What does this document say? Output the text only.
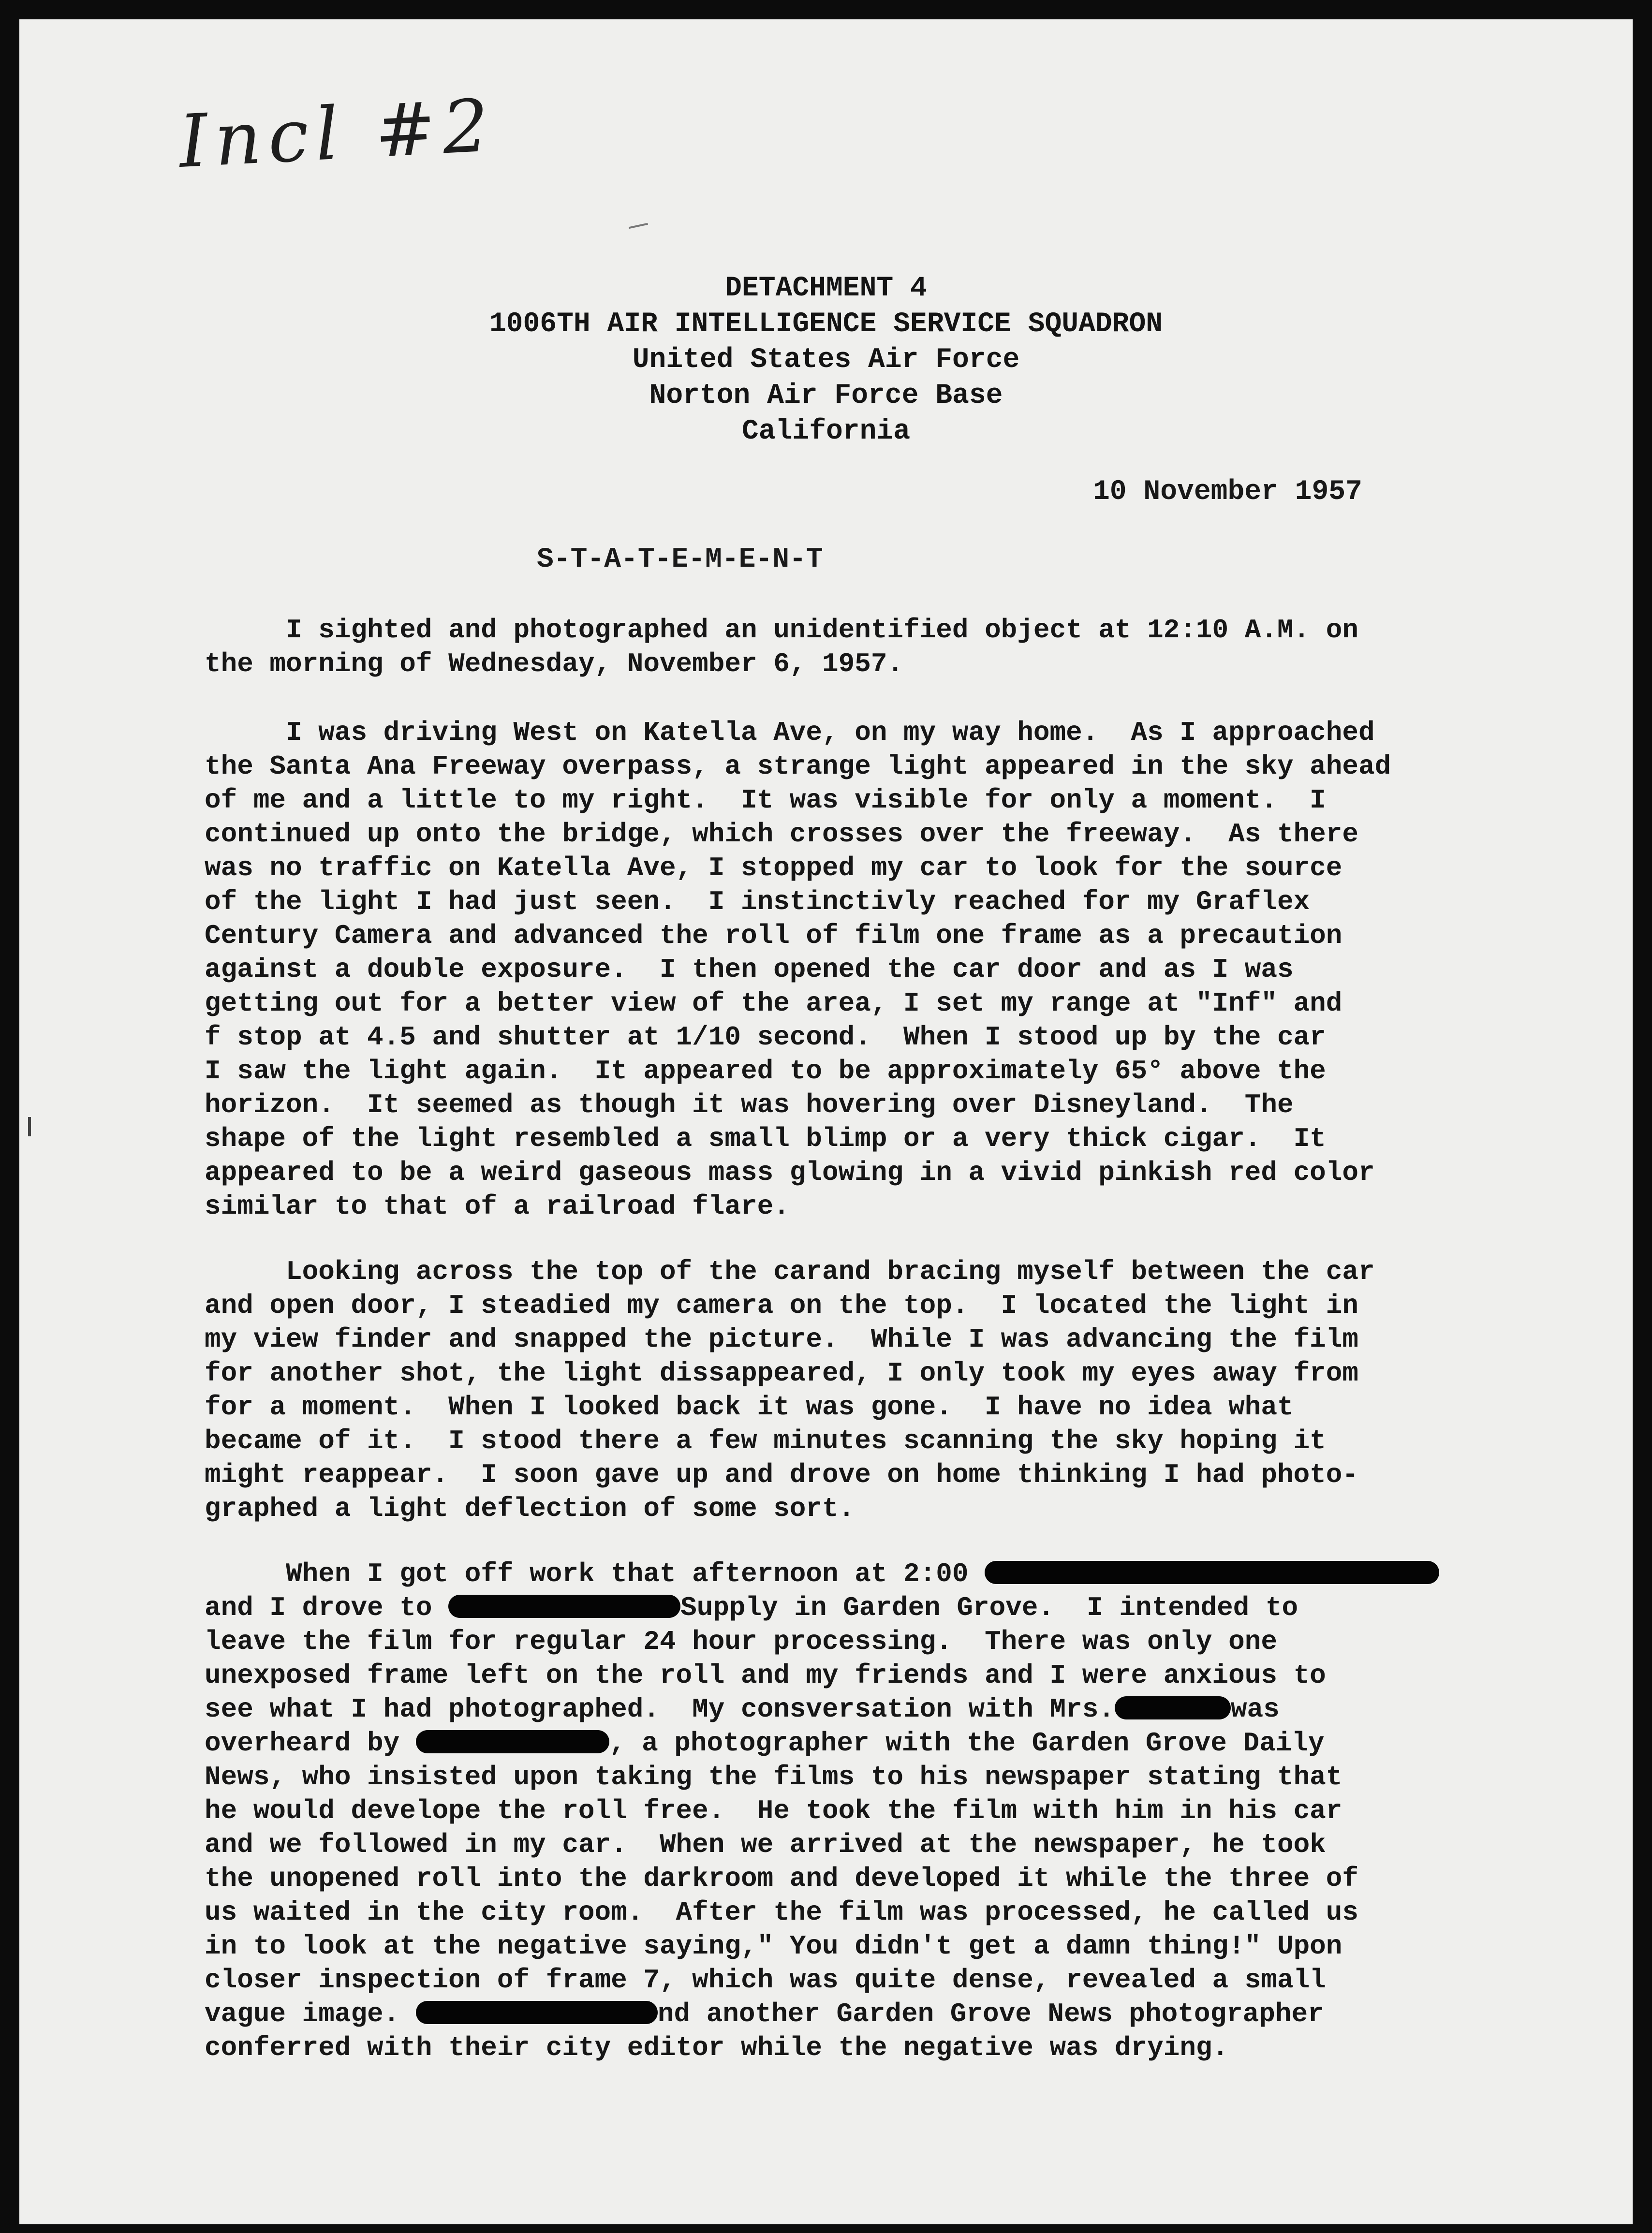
Incl #2
DETACHMENT 4
1006TH AIR INTELLIGENCE SERVICE SQUADRON
United States Air Force
Norton Air Force Base
California
10 November 1957
S-T-A-T-E-M-E-N-T
I sighted and photographed an unidentified object at 12:10 A.M. on
the morning of Wednesday, November 6, 1957.
I was driving West on Katella Ave, on my way home.  As I approached
the Santa Ana Freeway overpass, a strange light appeared in the sky ahead
of me and a little to my right.  It was visible for only a moment.  I
continued up onto the bridge, which crosses over the freeway.  As there
was no traffic on Katella Ave, I stopped my car to look for the source
of the light I had just seen.  I instinctivly reached for my Graflex
Century Camera and advanced the roll of film one frame as a precaution
against a double exposure.  I then opened the car door and as I was
getting out for a better view of the area, I set my range at "Inf" and
f stop at 4.5 and shutter at 1/10 second.  When I stood up by the car
I saw the light again.  It appeared to be approximately 65° above the
horizon.  It seemed as though it was hovering over Disneyland.  The
shape of the light resembled a small blimp or a very thick cigar.  It
appeared to be a weird gaseous mass glowing in a vivid pinkish red color
similar to that of a railroad flare.
Looking across the top of the carand bracing myself between the car
and open door, I steadied my camera on the top.  I located the light in
my view finder and snapped the picture.  While I was advancing the film
for another shot, the light dissappeared, I only took my eyes away from
for a moment.  When I looked back it was gone.  I have no idea what
became of it.  I stood there a few minutes scanning the sky hoping it
might reappear.  I soon gave up and drove on home thinking I had photo-
graphed a light deflection of some sort.
When I got off work that afternoon at 2:00
and I drove to	Supply in Garden Grove.  I intended to
leave the film for regular 24 hour processing.  There was only one
unexposed frame left on the roll and my friends and I were anxious to
see what I had photographed.  My consversation with Mrs.	was
overheard by	, a photographer with the Garden Grove Daily
News, who insisted upon taking the films to his newspaper stating that
he would develope the roll free.  He took the film with him in his car
and we followed in my car.  When we arrived at the newspaper, he took
the unopened roll into the darkroom and developed it while the three of
us waited in the city room.  After the film was processed, he called us
in to look at the negative saying," You didn't get a damn thing!" Upon
closer inspection of frame 7, which was quite dense, revealed a small
vague image.	nd another Garden Grove News photographer
conferred with their city editor while the negative was drying.
